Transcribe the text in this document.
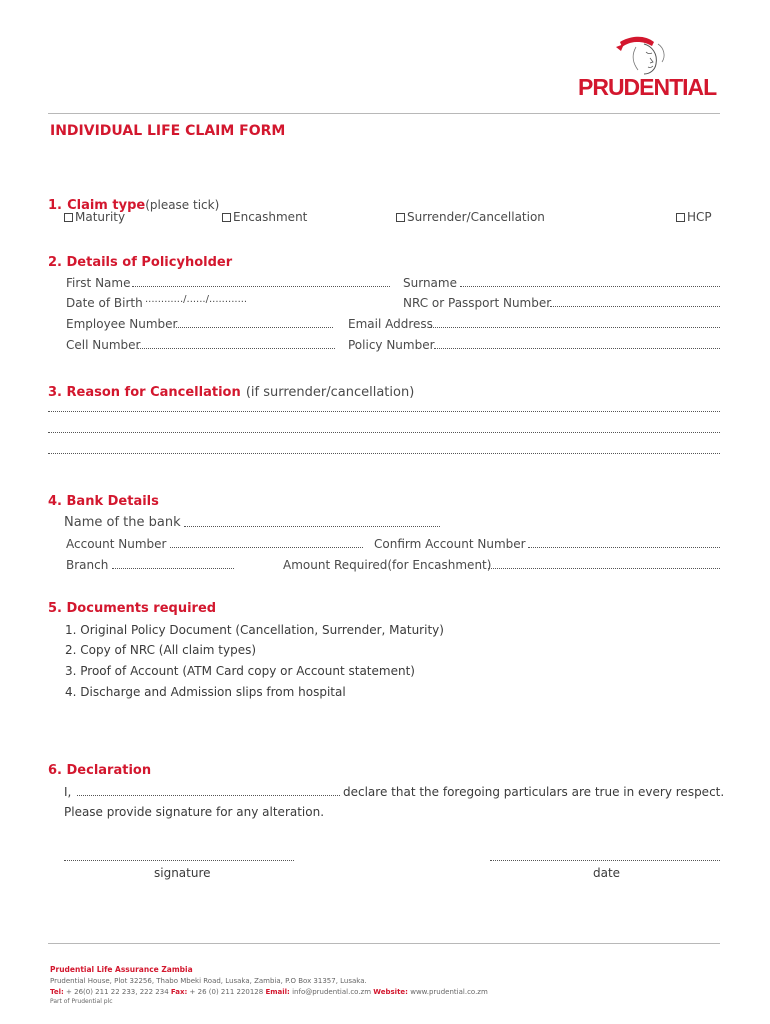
PRUDENTIAL
INDIVIDUAL LIFE CLAIM FORM
1. Claim type(please tick)
Maturity	Encashment	Surrender/Cancellation	HCP
2. Details of Policyholder
First Name	Surname
Date of Birth ............/....../............	NRC or Passport Number
Employee Number	Email Address
Cell Number	Policy Number
3. Reason for Cancellation (if surrender/cancellation)
4. Bank Details
Name of the bank
Account Number	Confirm Account Number
Branch	Amount Required(for Encashment)
5. Documents required
1. Original Policy Document (Cancellation, Surrender, Maturity)
2. Copy of NRC (All claim types)
3. Proof of Account (ATM Card copy or Account statement)
4. Discharge and Admission slips from hospital
6. Declaration
I,	declare that the foregoing particulars are true in every respect.
Please provide signature for any alteration.
signature	date
Prudential Life Assurance Zambia
Prudential House, Plot 32256, Thabo Mbeki Road, Lusaka, Zambia, P.O Box 31357, Lusaka.
Tel: + 26(0) 211 22 233, 222 234 Fax: + 26 (0) 211 220128 Email: info@prudential.co.zm Website: www.prudential.co.zm
Part of Prudential plc
